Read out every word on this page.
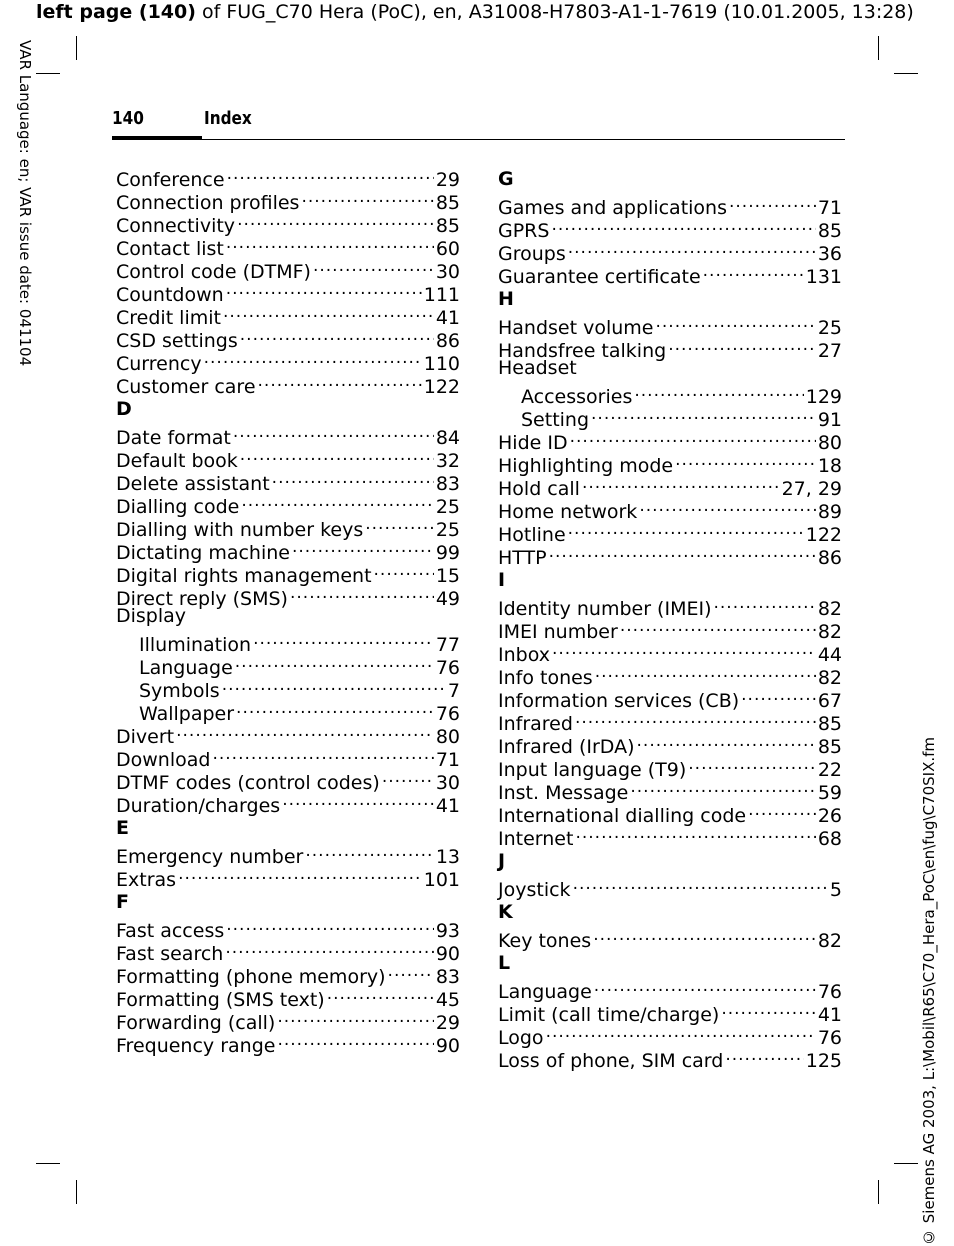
left page (140) of FUG_C70 Hera (PoC), en, A31008-H7803-A1-1-7619 (10.01.2005, 13:28)
VAR Language: en; VAR issue date: 041104
© Siemens AG 2003, L:\Mobil\R65\C70_Hera_PoC\en\fug\C70SIX.fm
140	Index
Conference .....	29
Connection profiles .....	85
Connectivity .....	85
Contact list .....	60
Control code (DTMF) .....	30
Countdown .....	111
Credit limit .....	41
CSD settings .....	86
Currency .....	110
Customer care .....	122
D
Date format .....	84
Default book .....	32
Delete assistant .....	83
Dialling code .....	25
Dialling with number keys .....	25
Dictating machine .....	99
Digital rights management .....	15
Direct reply (SMS) .....	49
Display
Illumination .....	77
Language .....	76
Symbols .....	7
Wallpaper .....	76
Divert .....	80
Download .....	71
DTMF codes (control codes) .....	30
Duration/charges .....	41
E
Emergency number .....	13
Extras .....	101
F
Fast access .....	93
Fast search .....	90
Formatting (phone memory) .....	83
Formatting (SMS text) .....	45
Forwarding (call) .....	29
Frequency range .....	90
G
Games and applications .....	71
GPRS .....	85
Groups .....	36
Guarantee certificate .....	131
H
Handset volume .....	25
Handsfree talking .....	27
Headset
Accessories .....	129
Setting .....	91
Hide ID .....	80
Highlighting mode .....	18
Hold call .....	27, 29
Home network .....	89
Hotline .....	122
HTTP .....	86
I
Identity number (IMEI) .....	82
IMEI number .....	82
Inbox .....	44
Info tones .....	82
Information services (CB) .....	67
Infrared .....	85
Infrared (IrDA) .....	85
Input language (T9) .....	22
Inst. Message .....	59
International dialling code .....	26
Internet .....	68
J
Joystick .....	5
K
Key tones .....	82
L
Language .....	76
Limit (call time/charge) .....	41
Logo .....	76
Loss of phone, SIM card .....	125
